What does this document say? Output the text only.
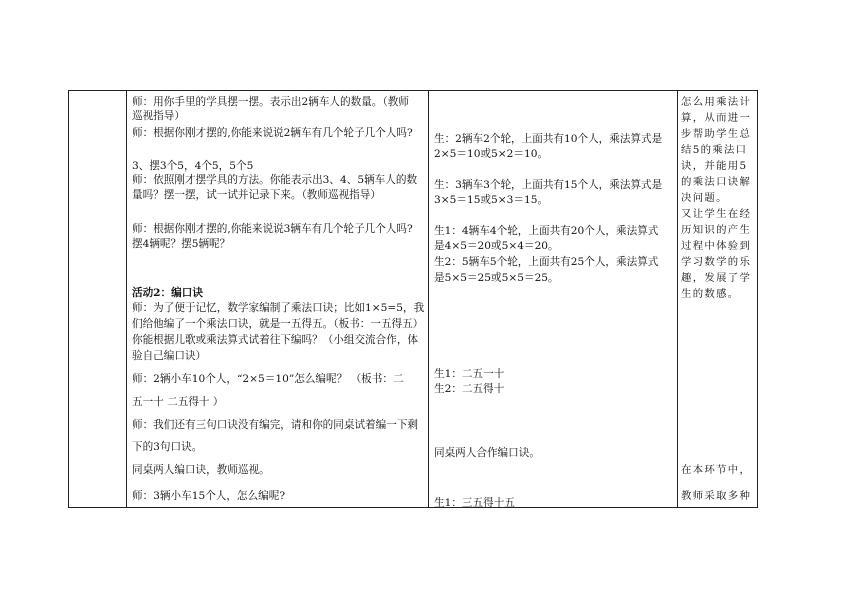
师：用你手里的学具摆一摆。表示出2辆车人的数量。（教师

巡视指导）

师：根据你刚才摆的,你能来说说2辆车有几个轮子几个人吗?

3、摆3个5，4个5，5个5

师：依照刚才摆学具的方法。你能表示出3、4、5辆车人的数

量吗？摆一摆，试一试并记录下来。（教师巡视指导）

师：根据你刚才摆的,你能来说说3辆车有几个轮子几个人吗?

摆4辆呢？摆5辆呢？

活动2：编口诀

师：为了便于记忆，数学家编制了乘法口诀；比如1×5=5，我

们给他编了一个乘法口诀，就是一五得五。（板书：一五得五）

你能根据儿歌或乘法算式试着往下编吗？（小组交流合作，体

验自己编口诀）

师：2辆小车10个人，“2×5＝10”怎么编呢？ （板书：二

五一十 二五得十 ）

师：我们还有三句口诀没有编完，请和你的同桌试着编一下剩

下的3句口诀。

同桌两人编口诀，教师巡视。

师：3辆小车15个人，怎么编呢?

生：2辆车2个轮，上面共有10个人，乘法算式是

2×5＝10或5×2＝10。

生：3辆车3个轮，上面共有15个人，乘法算式是

3×5＝15或5×3＝15。

生1：4辆车4个轮，上面共有20个人，乘法算式

是4×5＝20或5×4＝20。

生2：5辆车5个轮，上面共有25个人，乘法算式

是5×5＝25或5×5＝25。

生1：二五一十

生2：二五得十

同桌两人合作编口诀。

生1：三五得十五

怎么用乘法计

算，从而进一

步帮助学生总

结5的乘法口

诀，并能用5

的乘法口诀解

决问题。

又让学生在经

历知识的产生

过程中体验到

学习数学的乐

趣，发展了学

生的数感。

在本环节中，

教师采取多种
